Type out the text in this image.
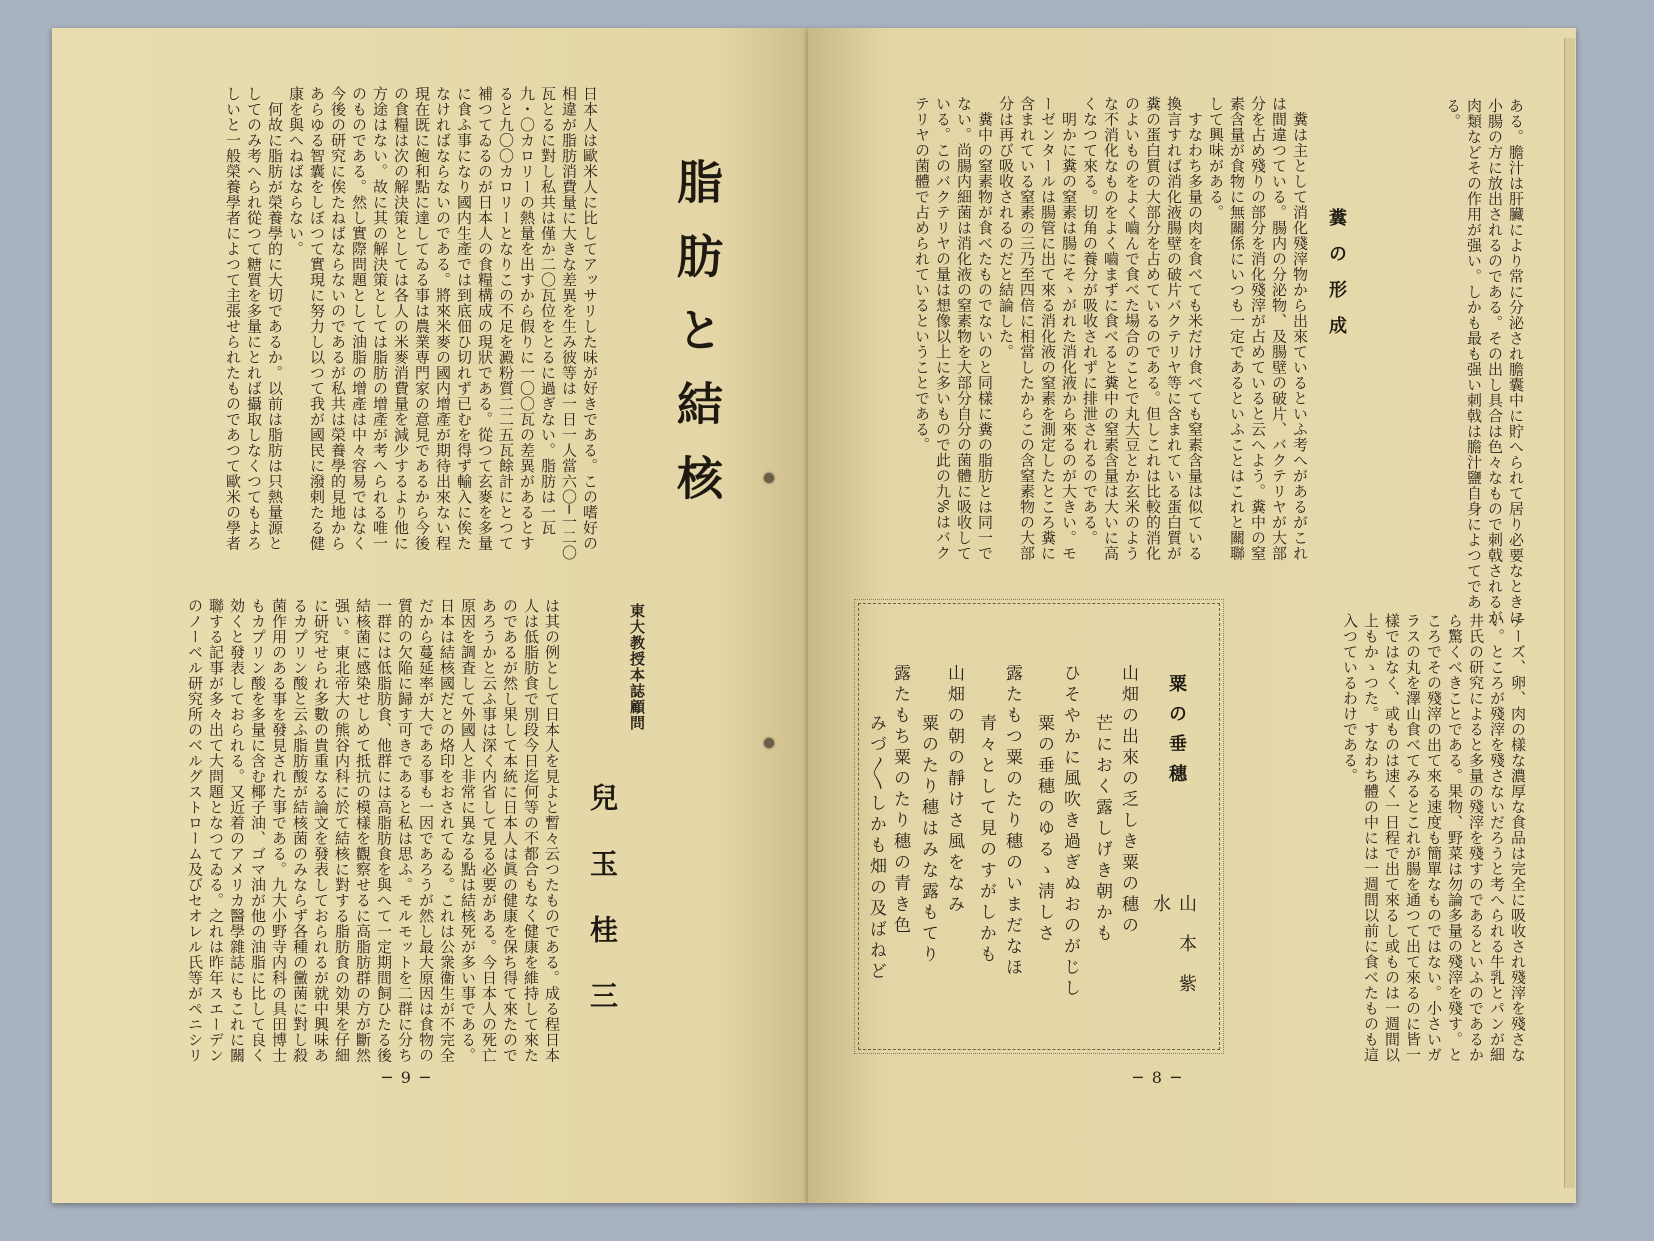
日本人は歐米人に比してアッサリした味が好きである。この嗜好の相違が脂肪消費量に大きな差異を生み彼等は一日一人當六〇─一二〇瓦とるに對し私共は僅か二〇瓦位をとるに過ぎない。脂肪は一瓦九・〇カロリーの熱量を出すから假りに一〇〇瓦の差異があるとすると九〇〇カロリーとなりこの不足を澱粉質二二五瓦餘計にとつて補つてゐるのが日本人の食糧構成の現狀である。從つて玄麥を多量に食ふ事になり國内生產では到底佃ひ切れず已むを得ず輸入に俟たなければならないのである。將來米麥の國内增產が期待出來ない程現在既に飽和點に達してゐる事は農業専門家の意見であるから今後の食糧は次の解決策としては各人の米麥消費量を減少するより他に方途はない。故に其の解決策としては脂肪の增產が考へられる唯一のものである。然し實際問題として油脂の增產は中々容易ではなく今後の研究に俟たねばならないのであるが私共は榮養學的見地からあらゆる智囊をしぼつて實現に努力し以つて我が國民に潑剌たる健康を與へねばならない。
　何故に脂肪が榮養學的に大切であるか。以前は脂肪は只熱量源としてのみ考へられ從つて糖質を多量にとれば攝取しなくつてもよろしいと一般榮養學者によつて主張せられたものであつて歐米の學者	脂肪と結核
は其の例として日本人を見よと暫々云つたものである。成る程日本人は低脂肪食で別段今日迄何等の不都合もなく健康を維持して來たのであるが然し果して本統に日本人は眞の健康を保ち得て來たのであろうかと云ふ事は深く内省して見る必要がある。今日本人の死亡原因を調査して外國人と非常に異なる點は結核死が多い事である。日本は結核國だとの烙印をおされてゐる。これは公衆衞生が不完全だから蔓延率が大である事も一因であろうが然し最大原因は食物の質的の欠陥に歸す可きであると私は思ふ。モルモットを二群に分ち一群には低脂肪食、他群には高脂肪食を與へて一定期間飼ひたる後結核菌に感染せしめて抵抗の模樣を觀察せるに高脂肪群の方が斷然强い。東北帝大の熊谷内科に於て結核に對する脂肪食の効果を仔細に研究せられ多數の貴重なる論文を發表しておられるが就中興味あるカプリン酸と云ふ脂肪酸が結核菌のみならず各種の黴菌に對し殺菌作用のある事を發見された事である。九大小野寺内科の具田博士もカプリン酸を多量に含む椰子油、ゴマ油が他の油脂に比して良く効くと發表しておられる。又近着のアメリカ醫學雜誌にもこれに關聯する記事が多々出て大問題となつてゐる。之れは昨年スエーデンのノーベル研究所のベルグストローム及びセオレル氏等がペニシリ	東大教授本誌顧問
兒玉桂三
─ 9 ─
ある。膽汁は肝臟により常に分泌され膽囊中に貯へられて居り必要なときに小腸の方に放出されるのである。その出し具合は色々なもので刺戟されるが肉類などその作用が强い。しかも最も强い刺戟は膽汁鹽自身によつてである。
糞の形成
　糞は主として消化殘滓物から出來ているといふ考へがあるがこれは間違つている。腸内の分泌物、及腸壁の破片、バクテリヤが大部分を占め殘りの部分を消化殘滓が占めていると云へよう。糞中の窒素含量が食物に無關係にいつも一定であるといふことはこれと關聯して興味がある。
　すなわち多量の肉を食べても米だけ食べても窒素含量は似ている換言すれば消化液腸壁の破片バクテリヤ等に含まれている蛋白質が糞の蛋白質の大部分を占めているのである。但しこれは比較的消化のよいものをよく嚙んで食べた場合のことで丸大豆とか玄米のような不消化なものをよく嚙まずに食べると糞中の窒素含量は大いに高くなつて來る。切角の養分が吸收されずに排泄されるのである。
　明かに糞の窒素は腸にそゝがれた消化液から來るのが大きい。モーゼンタールは腸管に出て來る消化液の窒素を測定したところ糞に含まれている窒素の三乃至四倍に相當したからこの含窒素物の大部分は再び吸收されるのだと結論した。
　糞中の窒素物が食べたものでないのと同樣に糞の脂肪とは同一でない。尚腸内細菌は消化液の窒素物を大部分自分の菌體に吸收している。このバクテリヤの量は想像以上に多いもので此の九%はバクテリヤの菌體で占められているということである。
チーズ、卵、肉の樣な濃厚な食品は完全に吸收され殘滓を殘さない。ところが殘滓を殘さないだろうと考へられる牛乳とパンが細井氏の研究によると多量の殘滓を殘すのであるといふのであるから驚くべきことである。果物、野菜は勿論多量の殘滓を殘す。ところでその殘滓の出て來る速度も簡單なものではない。小さいガラスの丸を澤山食べてみるとこれが腸を通つて出て來るのに皆一樣ではなく、或ものは速く一日程で出て來るし或ものは一週間以上もかゝつた。すなわち體の中には一週間以前に食べたものも這入つているわけである。
粟の垂穗
山本紫水
山畑の出來の乏しき粟の穗の
芒におく露しげき朝かも
ひそやかに風吹き過ぎぬおのがじし
粟の垂穗のゆるゝ淸しさ
露たもつ粟のたり穗のいまだなほ
青々として見のすがしかも
山畑の朝の靜けさ風をなみ
粟のたり穗はみな露もてり
露たもち粟のたり穗の青き色
みづ〳〵しかも畑の及ばねど
─ 8 ─
